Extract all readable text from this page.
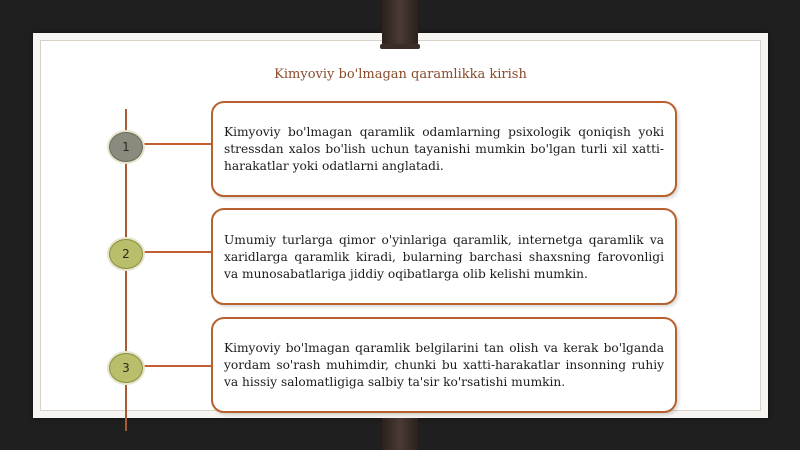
Kimyoviy bo'lmagan qaramlikka kirish
1

Kimyoviy bo'lmagan qaramlik odamlarning psixologik qoniqish yoki stressdan xalos bo'lish uchun tayanishi mumkin bo'lgan turli xil xatti-harakatlar yoki odatlarni anglatadi.

2

Umumiy turlarga qimor o'yinlariga qaramlik, internetga qaramlik va xaridlarga qaramlik kiradi, bularning barchasi shaxsning farovonligi va munosabatlariga jiddiy oqibatlarga olib kelishi mumkin.

3

Kimyoviy bo'lmagan qaramlik belgilarini tan olish va kerak bo'lganda yordam so'rash muhimdir, chunki bu xatti-harakatlar insonning ruhiy va hissiy salomatligiga salbiy ta'sir ko'rsatishi mumkin.
